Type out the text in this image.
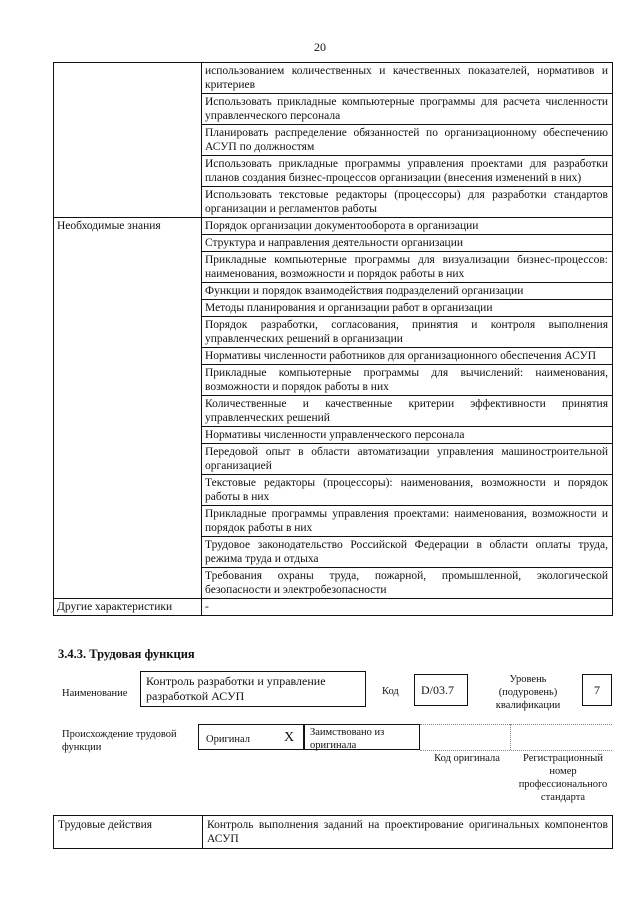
20
	использованием количественных и качественных показателей, нормативов и критериев
	Использовать прикладные компьютерные программы для расчета численности управленческого персонала
	Планировать распределение обязанностей по организационному обеспечению АСУП по должностям
	Использовать прикладные программы управления проектами для разработки планов создания бизнес-процессов организации (внесения изменений в них)
	Использовать текстовые редакторы (процессоры) для разработки стандартов организации и регламентов работы
Необходимые знания	Порядок организации документооборота в организации
	Структура и направления деятельности организации
	Прикладные компьютерные программы для визуализации бизнес-процессов: наименования, возможности и порядок работы в них
	Функции и порядок взаимодействия подразделений организации
	Методы планирования и организации работ в организации
	Порядок разработки, согласования, принятия и контроля выполнения управленческих решений в организации
	Нормативы численности работников для организационного обеспечения АСУП
	Прикладные компьютерные программы для вычислений: наименования, возможности и порядок работы в них
	Количественные и качественные критерии эффективности принятия управленческих решений
	Нормативы численности управленческого персонала
	Передовой опыт в области автоматизации управления машиностроительной организацией
	Текстовые редакторы (процессоры): наименования, возможности и порядок работы в них
	Прикладные программы управления проектами: наименования, возможности и порядок работы в них
	Трудовое законодательство Российской Федерации в области оплаты труда, режима труда и отдыха
	Требования охраны труда, пожарной, промышленной, экологической безопасности и электробезопасности
Другие характеристики	-
3.4.3. Трудовая функция
Наименование
Контроль разработки и управление разработкой АСУП	Код	D/03.7
Уровень (подуровень) квалификации
7
Происхождение трудовой функции
Оригинал X Заимствовано из оригинала
Код оригинала	Регистрационный номер профессионального стандарта
Трудовые действия	Контроль выполнения заданий на проектирование оригинальных компонентов АСУП
